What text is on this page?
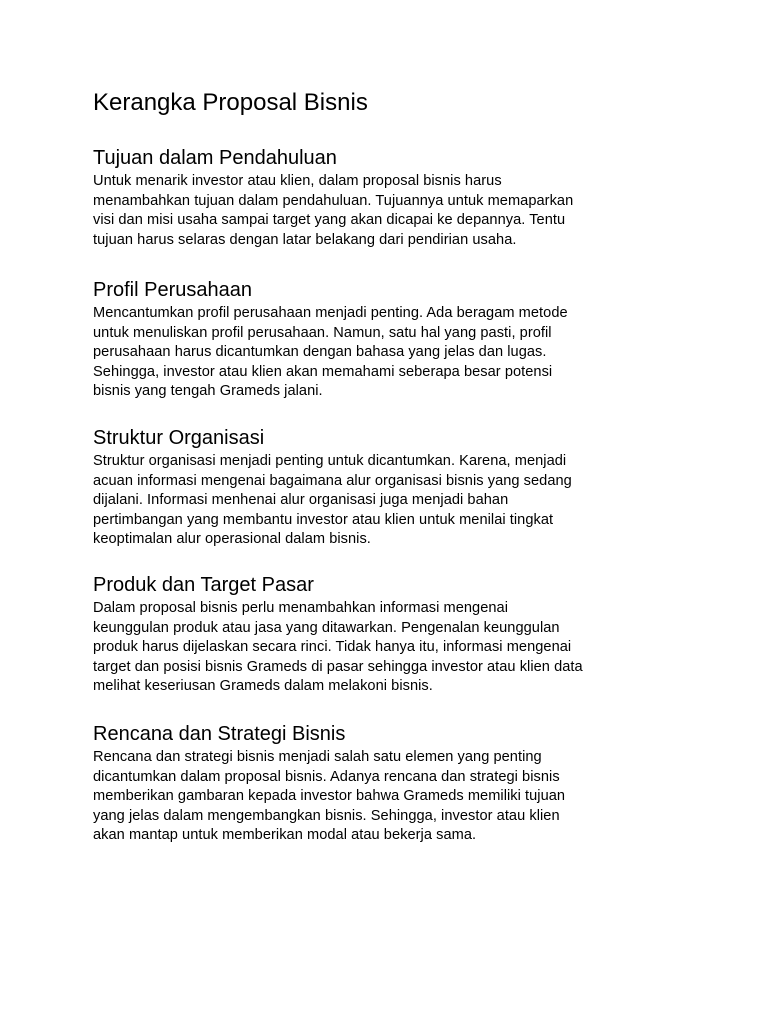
Kerangka Proposal Bisnis
Tujuan dalam Pendahuluan
Untuk menarik investor atau klien, dalam proposal bisnis harus
menambahkan tujuan dalam pendahuluan. Tujuannya untuk memaparkan
visi dan misi usaha sampai target yang akan dicapai ke depannya. Tentu
tujuan harus selaras dengan latar belakang dari pendirian usaha.
Profil Perusahaan
Mencantumkan profil perusahaan menjadi penting. Ada beragam metode
untuk menuliskan profil perusahaan. Namun, satu hal yang pasti, profil
perusahaan harus dicantumkan dengan bahasa yang jelas dan lugas.
Sehingga, investor atau klien akan memahami seberapa besar potensi
bisnis yang tengah Grameds jalani.
Struktur Organisasi
Struktur organisasi menjadi penting untuk dicantumkan. Karena, menjadi
acuan informasi mengenai bagaimana alur organisasi bisnis yang sedang
dijalani. Informasi menhenai alur organisasi juga menjadi bahan
pertimbangan yang membantu investor atau klien untuk menilai tingkat
keoptimalan alur operasional dalam bisnis.
Produk dan Target Pasar
Dalam proposal bisnis perlu menambahkan informasi mengenai
keunggulan produk atau jasa yang ditawarkan. Pengenalan keunggulan
produk harus dijelaskan secara rinci. Tidak hanya itu, informasi mengenai
target dan posisi bisnis Grameds di pasar sehingga investor atau klien data
melihat keseriusan Grameds dalam melakoni bisnis.
Rencana dan Strategi Bisnis
Rencana dan strategi bisnis menjadi salah satu elemen yang penting
dicantumkan dalam proposal bisnis. Adanya rencana dan strategi bisnis
memberikan gambaran kepada investor bahwa Grameds memiliki tujuan
yang jelas dalam mengembangkan bisnis. Sehingga, investor atau klien
akan mantap untuk memberikan modal atau bekerja sama.
